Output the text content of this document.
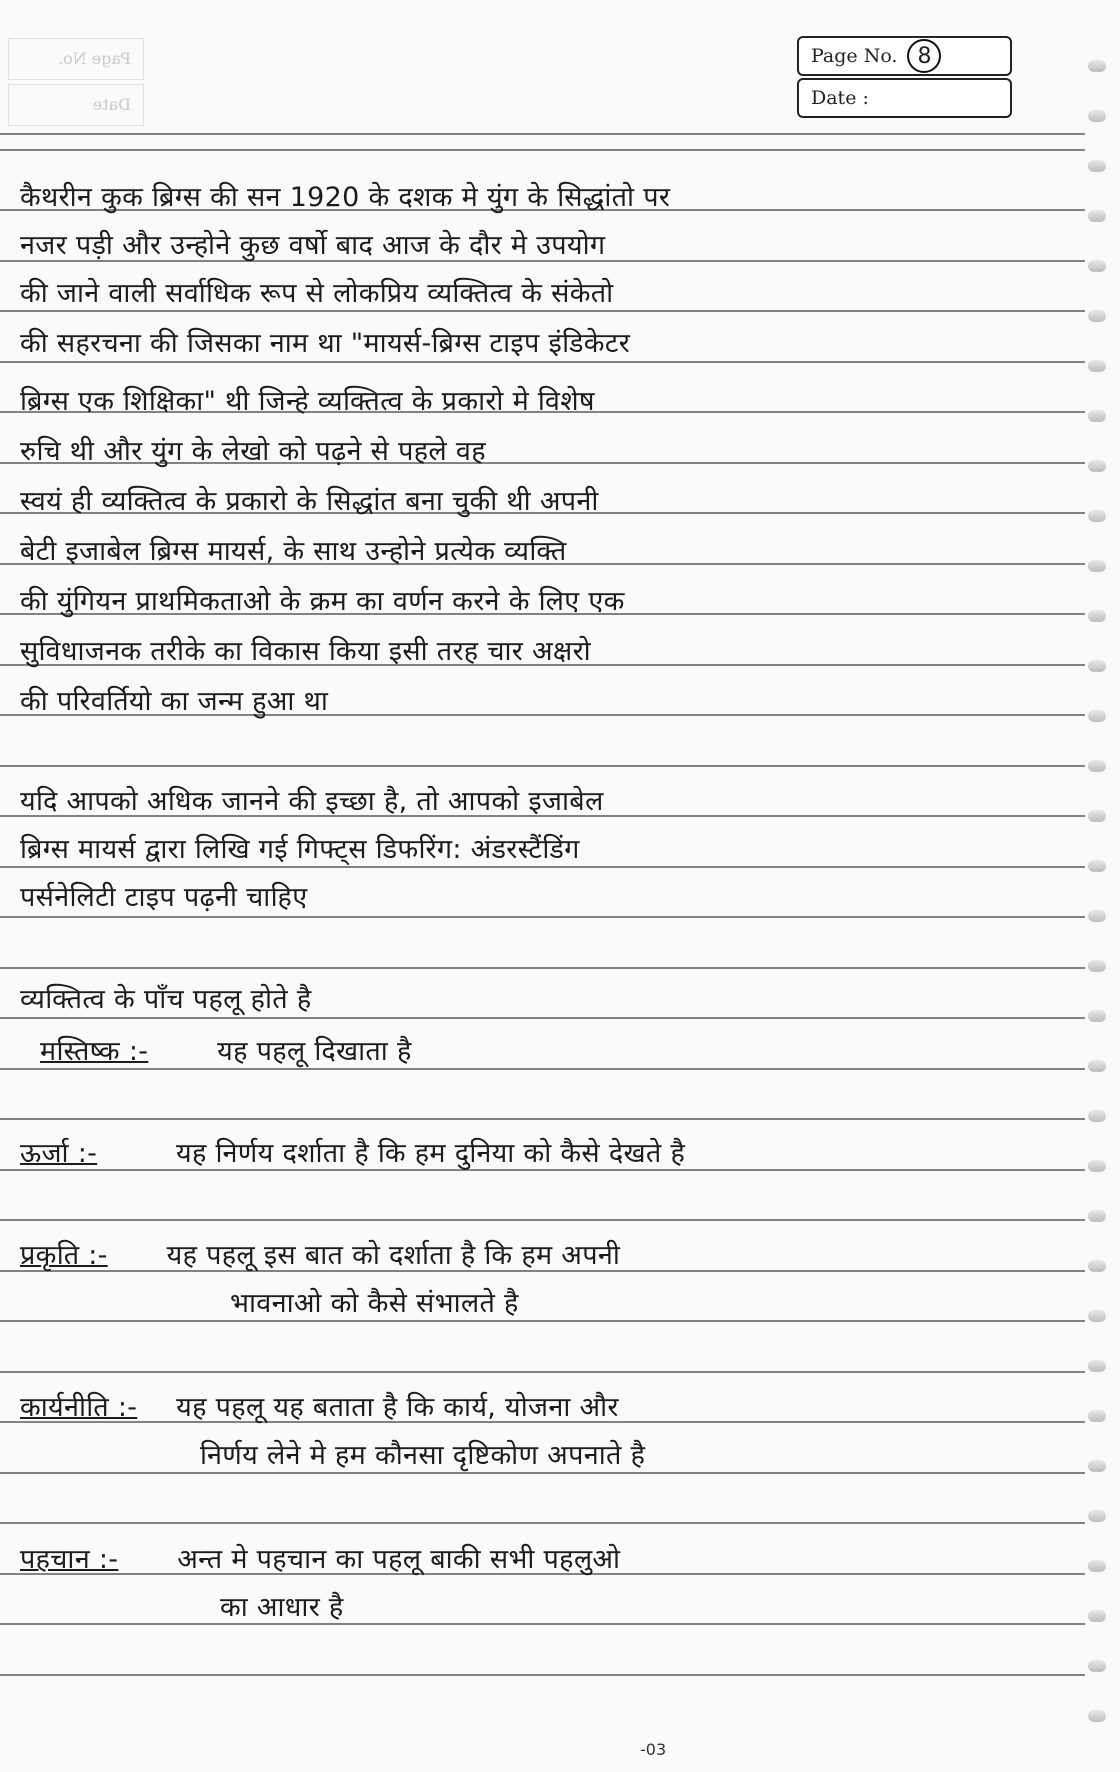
Page No.
Date
Page No. 8
Date :
कैथरीन कुक ब्रिग्स की सन 1920 के दशक मे युंग के सिद्धांतो पर
नजर पड़ी और उन्होने कुछ वर्षो बाद आज के दौर मे उपयोग
की जाने वाली सर्वाधिक रूप से लोकप्रिय व्यक्तित्व के संकेतो
की सहरचना की जिसका नाम था "मायर्स-ब्रिग्स टाइप इंडिकेटर
ब्रिग्स एक शिक्षिका" थी जिन्हे व्यक्तित्व के प्रकारो मे विशेष
रुचि थी और युंग के लेखो को पढ़ने से पहले वह
स्वयं ही व्यक्तित्व के प्रकारो के सिद्धांत बना चुकी थी अपनी
बेटी इजाबेल ब्रिग्स मायर्स, के साथ उन्होने प्रत्येक व्यक्ति
की युंगियन प्राथमिकताओ के क्रम का वर्णन करने के लिए एक
सुविधाजनक तरीके का विकास किया इसी तरह चार अक्षरो
की परिवर्तियो का जन्म हुआ था
यदि आपको अधिक जानने की इच्छा है, तो आपको इजाबेल
ब्रिग्स मायर्स द्वारा लिखि गई गिफ्ट्स डिफरिंग: अंडरस्टैंडिंग
पर्सनेलिटी टाइप पढ़नी चाहिए
व्यक्तित्व के पाँच पहलू होते है
मस्तिष्क :-	यह पहलू दिखाता है
ऊर्जा :-	यह निर्णय दर्शाता है कि हम दुनिया को कैसे देखते है
प्रकृति :- यह पहलू इस बात को दर्शाता है कि हम अपनी
भावनाओ को कैसे संभालते है
कार्यनीति :- यह पहलू यह बताता है कि कार्य, योजना और
निर्णय लेने मे हम कौनसा दृष्टिकोण अपनाते है
पहचान :- अन्त मे पहचान का पहलू बाकी सभी पहलुओ
का आधार है
-03
